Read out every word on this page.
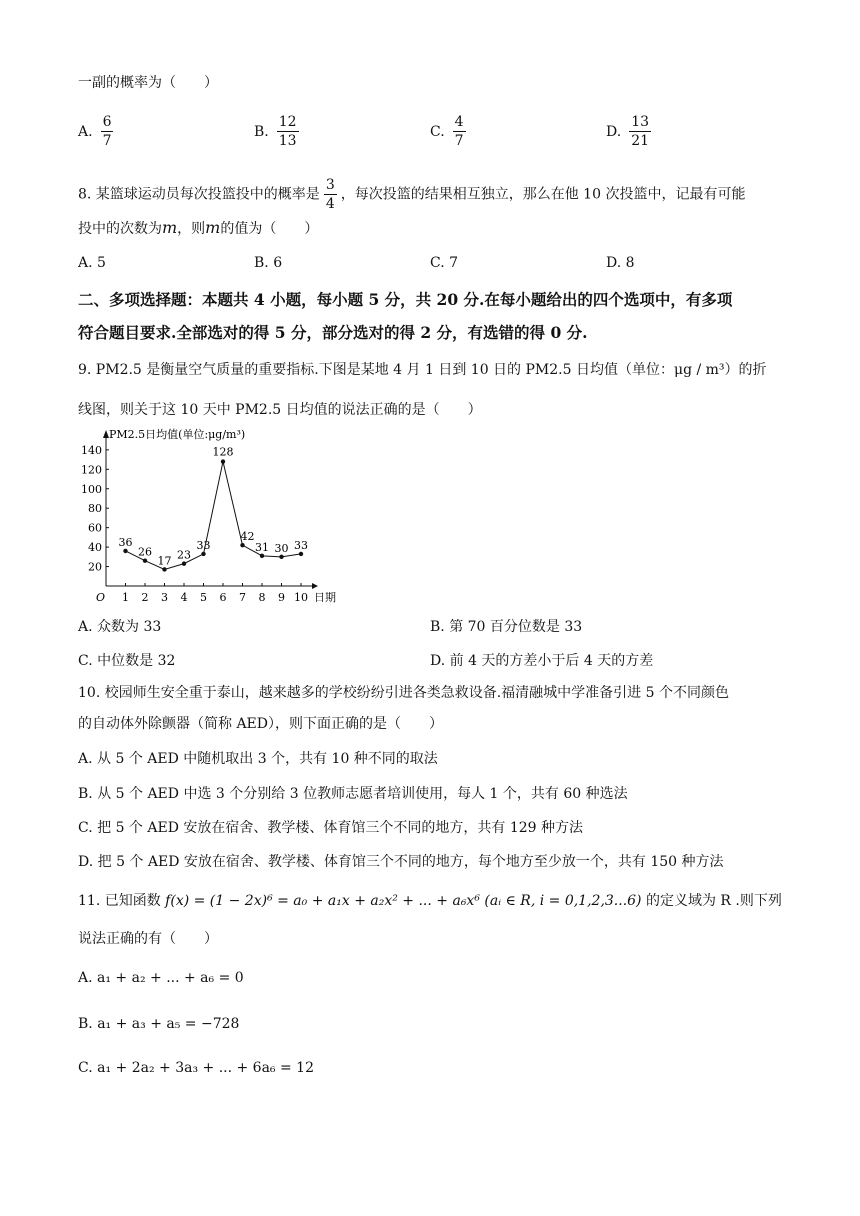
一副的概率为（　　）
A. $\frac{6}{7}$	B. $\frac{12}{13}$	C. $\frac{4}{7}$	D. $\frac{13}{21}$
8. 某篮球运动员每次投篮投中的概率是 $\frac{3}{4}$ ，每次投篮的结果相互独立，那么在他 10 次投篮中，记最有可能
投中的次数为m，则m的值为（　　）
A. 5	B. 6	C. 7	D. 8
二、多项选择题：本题共 4 小题，每小题 5 分，共 20 分.在每小题给出的四个选项中，有多项
符合题目要求.全部选对的得 5 分，部分选对的得 2 分，有选错的得 0 分.
9. PM2.5 是衡量空气质量的重要指标.下图是某地 4 月 1 日到 10 日的 PM2.5 日均值（单位：μg / m³）的折
线图，则关于这 10 天中 PM2.5 日均值的说法正确的是（　　）
PM2.5日均值(单位:μg/m³)
O	日期
20
40
60
80
100
120
140
1 2 3 4 5 6 7 8 9 10
36
26
17 23
33
128
42
31 30 33
A. 众数为 33	B. 第 70 百分位数是 33
C. 中位数是 32	D. 前 4 天的方差小于后 4 天的方差
10. 校园师生安全重于泰山，越来越多的学校纷纷引进各类急救设备.福清融城中学准备引进 5 个不同颜色
的自动体外除颤器（简称 AED），则下面正确的是（　　）
A. 从 5 个 AED 中随机取出 3 个，共有 10 种不同的取法
B. 从 5 个 AED 中选 3 个分别给 3 位教师志愿者培训使用，每人 1 个，共有 60 种选法
C. 把 5 个 AED 安放在宿舍、教学楼、体育馆三个不同的地方，共有 129 种方法
D. 把 5 个 AED 安放在宿舍、教学楼、体育馆三个不同的地方，每个地方至少放一个，共有 150 种方法
11. 已知函数 f(x) = (1 − 2x)⁶ = a₀ + a₁x + a₂x² + ... + a₆x⁶ (aᵢ ∈ R, i = 0,1,2,3...6) 的定义域为 R .则下列
说法正确的有（　　）
A. a₁ + a₂ + ... + a₆ = 0
B. a₁ + a₃ + a₅ = −728
C. a₁ + 2a₂ + 3a₃ + ... + 6a₆ = 12
